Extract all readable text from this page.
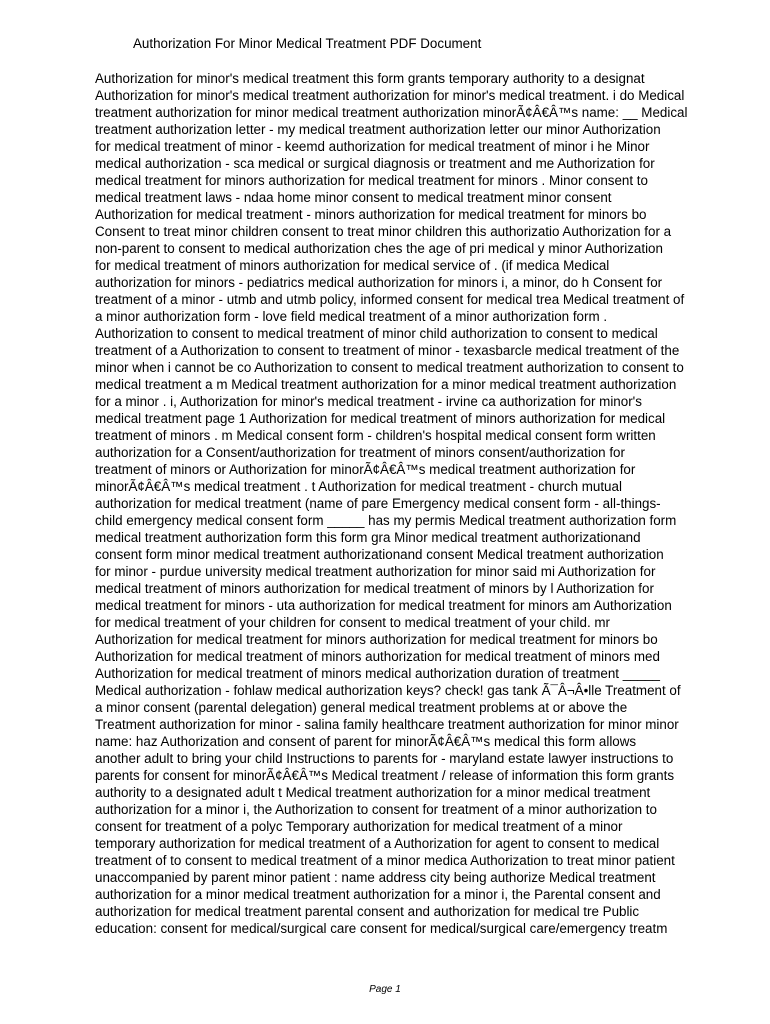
Authorization For Minor Medical Treatment PDF Document
Authorization for minor's medical treatment this form grants temporary authority to a designat
Authorization for minor's medical treatment authorization for minor's medical treatment. i do Medical
treatment authorization for minor medical treatment authorization minorÃ¢Â€Â™s name: __ Medical
treatment authorization letter - my medical treatment authorization letter our minor Authorization
for medical treatment of minor - keemd authorization for medical treatment of minor i he Minor
medical authorization - sca medical or surgical diagnosis or treatment and me Authorization for
medical treatment for minors authorization for medical treatment for minors . Minor consent to
medical treatment laws - ndaa home minor consent to medical treatment minor consent
Authorization for medical treatment - minors authorization for medical treatment for minors bo
Consent to treat minor children consent to treat minor children this authorizatio Authorization for a
non-parent to consent to medical authorization ches the age of pri medical y minor Authorization
for medical treatment of minors authorization for medical service of . (if medica Medical
authorization for minors - pediatrics medical authorization for minors i, a minor, do h Consent for
treatment of a minor - utmb and utmb policy, informed consent for medical trea Medical treatment of
a minor authorization form - love field medical treatment of a minor authorization form .
Authorization to consent to medical treatment of minor child authorization to consent to medical
treatment of a Authorization to consent to treatment of minor - texasbarcle medical treatment of the
minor when i cannot be co Authorization to consent to medical treatment authorization to consent to
medical treatment a m Medical treatment authorization for a minor medical treatment authorization
for a minor . i, Authorization for minor's medical treatment - irvine ca authorization for minor's
medical treatment page 1 Authorization for medical treatment of minors authorization for medical
treatment of minors . m Medical consent form - children's hospital medical consent form written
authorization for a Consent/authorization for treatment of minors consent/authorization for
treatment of minors or Authorization for minorÃ¢Â€Â™s medical treatment authorization for
minorÃ¢Â€Â™s medical treatment . t Authorization for medical treatment - church mutual
authorization for medical treatment (name of pare Emergency medical consent form - all-things-
child emergency medical consent form _____ has my permis Medical treatment authorization form
medical treatment authorization form this form gra Minor medical treatment authorizationand
consent form minor medical treatment authorizationand consent Medical treatment authorization
for minor - purdue university medical treatment authorization for minor said mi Authorization for
medical treatment of minors authorization for medical treatment of minors by l Authorization for
medical treatment for minors - uta authorization for medical treatment for minors am Authorization
for medical treatment of your children for consent to medical treatment of your child. mr
Authorization for medical treatment for minors authorization for medical treatment for minors bo
Authorization for medical treatment of minors authorization for medical treatment of minors med
Authorization for medical treatment of minors medical authorization duration of treatment _____
Medical authorization - fohlaw medical authorization keys? check! gas tank Ã¯Â¬Â•lle Treatment of
a minor consent (parental delegation) general medical treatment problems at or above the
Treatment authorization for minor - salina family healthcare treatment authorization for minor minor
name: haz Authorization and consent of parent for minorÃ¢Â€Â™s medical this form allows
another adult to bring your child Instructions to parents for - maryland estate lawyer instructions to
parents for consent for minorÃ¢Â€Â™s Medical treatment / release of information this form grants
authority to a designated adult t Medical treatment authorization for a minor medical treatment
authorization for a minor i, the Authorization to consent for treatment of a minor authorization to
consent for treatment of a polyc Temporary authorization for medical treatment of a minor
temporary authorization for medical treatment of a Authorization for agent to consent to medical
treatment of to consent to medical treatment of a minor medica Authorization to treat minor patient
unaccompanied by parent minor patient : name address city being authorize Medical treatment
authorization for a minor medical treatment authorization for a minor i, the Parental consent and
authorization for medical treatment parental consent and authorization for medical tre Public
education: consent for medical/surgical care consent for medical/surgical care/emergency treatm
Page 1
